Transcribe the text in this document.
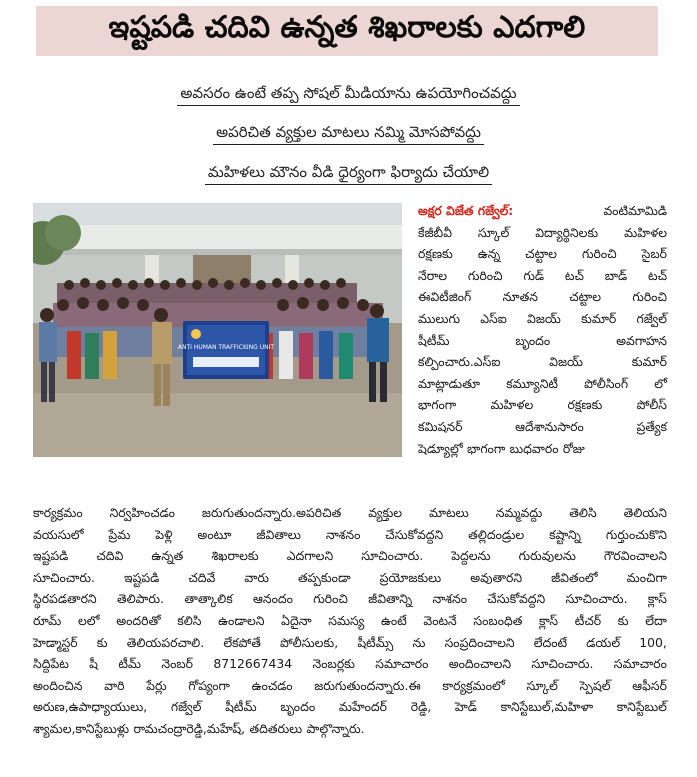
ఇష్టపడి చదివి ఉన్నత శిఖరాలకు ఎదగాలి
అవసరం ఉంటే తప్ప సోషల్ మీడియాను ఉపయోగించవద్దు
అపరిచిత వ్యక్తుల మాటలు నమ్మి మోసపోవద్దు
మహిళలు మౌనం వీడి ధైర్యంగా ఫిర్యాదు చేయాలి
ANTI HUMAN TRAFFICKING UNIT
అక్షర విజేత గజ్వేల్:	వంటిమామిడి
కేజీబీవీ స్కూల్ విద్యార్థినిలకు మహిళల
రక్షణకు ఉన్న చట్టాల గురించి సైబర్
నేరాల గురించి గుడ్ టచ్ బాడ్ టచ్
ఈవిటీజింగ్	నూతన	చట్టాల	గురించి
ములుగు ఎస్ఐ విజయ్ కుమార్ గజ్వేల్
షీటీమ్	బృందం	అవగాహన
కల్పించారు.ఎస్ఐ	విజయ్	కుమార్
మాట్లాడుతూ కమ్యూనిటీ పోలీసింగ్ లో
భాగంగా	మహిళల	రక్షణకు	పోలీస్
కమిషనర్	ఆదేశానుసారం	ప్రత్యేక
షెడ్యూల్లో భాగంగా బుధవారం రోజు
కార్యక్రమం నిర్వహించడం జరుగుతుందన్నారు.అపరిచిత వ్యక్తుల మాటలు నమ్మవద్దు తెలిసి తెలియని
వయసులో ప్రేమ పెళ్లి అంటూ జీవితాలు నాశనం చేసుకోవద్దని తల్లిదండ్రుల కష్టాన్ని గుర్తుంచుకొని
ఇష్టపడి చదివి ఉన్నత శిఖరాలకు ఎదగాలని సూచించారు. పెద్దలను గురువులను గౌరవించాలని
సూచించారు. ఇష్టపడి చదివే వారు తప్పకుండా ప్రయోజకులు అవుతారని జీవితంలో మంచిగా
స్థిరపడతారని తెలిపారు. తాత్కాలిక ఆనందం గురించి జీవితాన్ని నాశనం చేసుకోవద్దని సూచించారు. క్లాస్
రూమ్ లలో అందరితో కలిసి ఉండాలని ఏదైనా సమస్య ఉంటే వెంటనే సంబంధిత క్లాస్ టీచర్ కు లేదా
హెడ్మాస్టర్ కు తెలియపరచాలి. లేకపోతే పోలీసులకు, షీటీమ్స్ ను సంప్రదించాలని లేదంటే డయల్ 100,
సిద్దిపేట షీ టీమ్ నెంబర్ 8712667434 నెంబర్లకు సమాచారం అందించాలని సూచించారు. సమాచారం
అందించిన వారి పేర్లు గోప్యంగా ఉంచడం జరుగుతుందన్నారు.ఈ కార్యక్రమంలో స్కూల్ స్పెషల్ ఆఫీసర్
అరుణ,ఉపాధ్యాయులు, గజ్వేల్ షీటీమ్ బృందం మహేందర్ రెడ్డి, హెడ్ కానిస్టేబుల్,మహిళా కానిస్టేబుల్
శ్యామల,కానిస్టేబుళ్లు రామచంద్రారెడ్డి,మహేష్, తదితరులు పాల్గొన్నారు.
